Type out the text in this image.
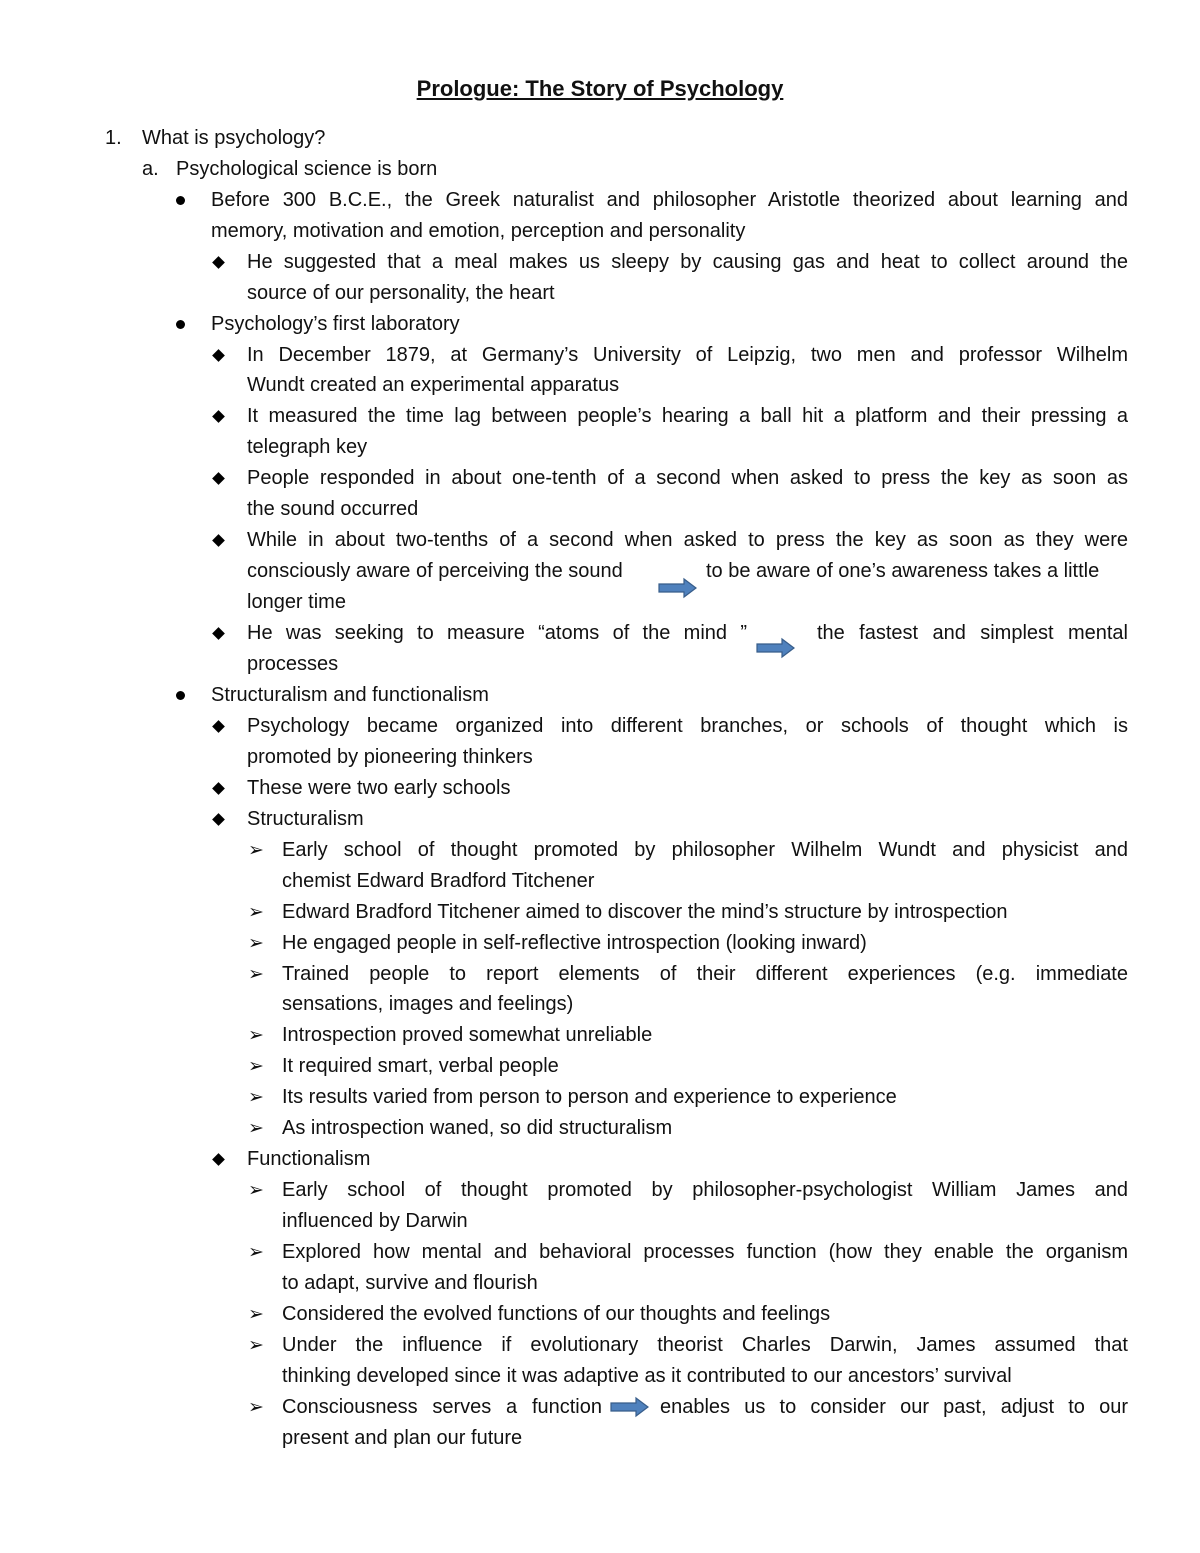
Prologue: The Story of Psychology
1.	What is psychology?
a. Psychological science is born
Before 300 B.C.E., the Greek naturalist and philosopher Aristotle theorized about learning and
memory, motivation and emotion, perception and personality
He suggested that a meal makes us sleepy by causing gas and heat to collect around the
source of our personality, the heart
Psychology’s first laboratory
In December 1879, at Germany’s University of Leipzig, two men and professor Wilhelm
Wundt created an experimental apparatus
It measured the time lag between people’s hearing a ball hit a platform and their pressing a
telegraph key
People responded in about one-tenth of a second when asked to press the key as soon as
the sound occurred
While in about two-tenths of a second when asked to press the key as soon as they were
consciously aware of perceiving the sound	to be aware of one’s awareness takes a little
longer time
He was seeking to measure “atoms of the mind ”	the fastest and simplest mental
processes
Structuralism and functionalism
Psychology became organized into different branches, or schools of thought which is
promoted by pioneering thinkers
These were two early schools
Structuralism
➢ Early school of thought promoted by philosopher Wilhelm Wundt and physicist and
chemist Edward Bradford Titchener
➢ Edward Bradford Titchener aimed to discover the mind’s structure by introspection
➢ He engaged people in self-reflective introspection (looking inward)
➢ Trained people to report elements of their different experiences (e.g. immediate
sensations, images and feelings)
➢ Introspection proved somewhat unreliable
➢ It required smart, verbal people
➢ Its results varied from person to person and experience to experience
➢ As introspection waned, so did structuralism
Functionalism
➢ Early school of thought promoted by philosopher-psychologist William James and
influenced by Darwin
➢ Explored how mental and behavioral processes function (how they enable the organism
to adapt, survive and flourish
➢ Considered the evolved functions of our thoughts and feelings
➢ Under the influence if evolutionary theorist Charles Darwin, James assumed that
thinking developed since it was adaptive as it contributed to our ancestors’ survival
➢ Consciousness serves a function	enables us to consider our past, adjust to our
present and plan our future
